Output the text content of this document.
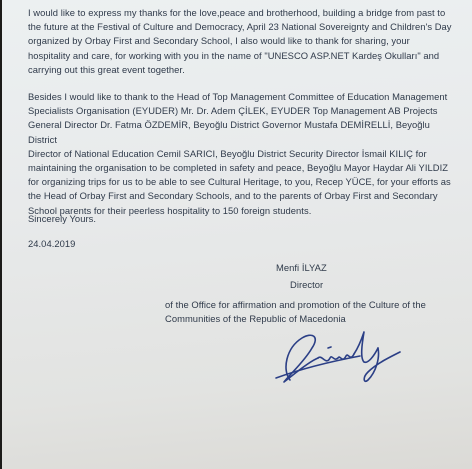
I would like to express my thanks for the love,peace and brotherhood, building a bridge from past to
the future at the Festival of Culture and Democracy, April 23 National Sovereignty and Children's Day
organized by Orbay First and Secondary School, I also would like to thank for sharing, your
hospitality and care, for working with you in the name of "UNESCO ASP.NET Kardeş Okulları" and
carrying out this great event together.
Besides I would like to thank to the Head of Top Management Committee of Education Management
Specialists Organisation (EYUDER) Mr. Dr. Adem ÇİLEK, EYUDER Top Management AB Projects
General Director Dr. Fatma ÖZDEMİR, Beyoğlu District Governor Mustafa DEMİRELLİ, Beyoğlu District
Director of National Education Cemil SARICI, Beyoğlu District Security Director İsmail KILIÇ for
maintaining the organisation to be completed in safety and peace, Beyoğlu Mayor Haydar Ali YILDIZ
for organizing trips for us to be able to see Cultural Heritage, to you, Recep YÜCE, for your efforts as
the Head of Orbay First and Secondary Schools, and to the parents of Orbay First and Secondary
School parents for their peerless hospitality to 150 foreign students.
Sincerely Yours.
24.04.2019
Menfi İLYAZ
Director
of the Office for affirmation and promotion of the Culture of the
Communities of the Republic of Macedonia
